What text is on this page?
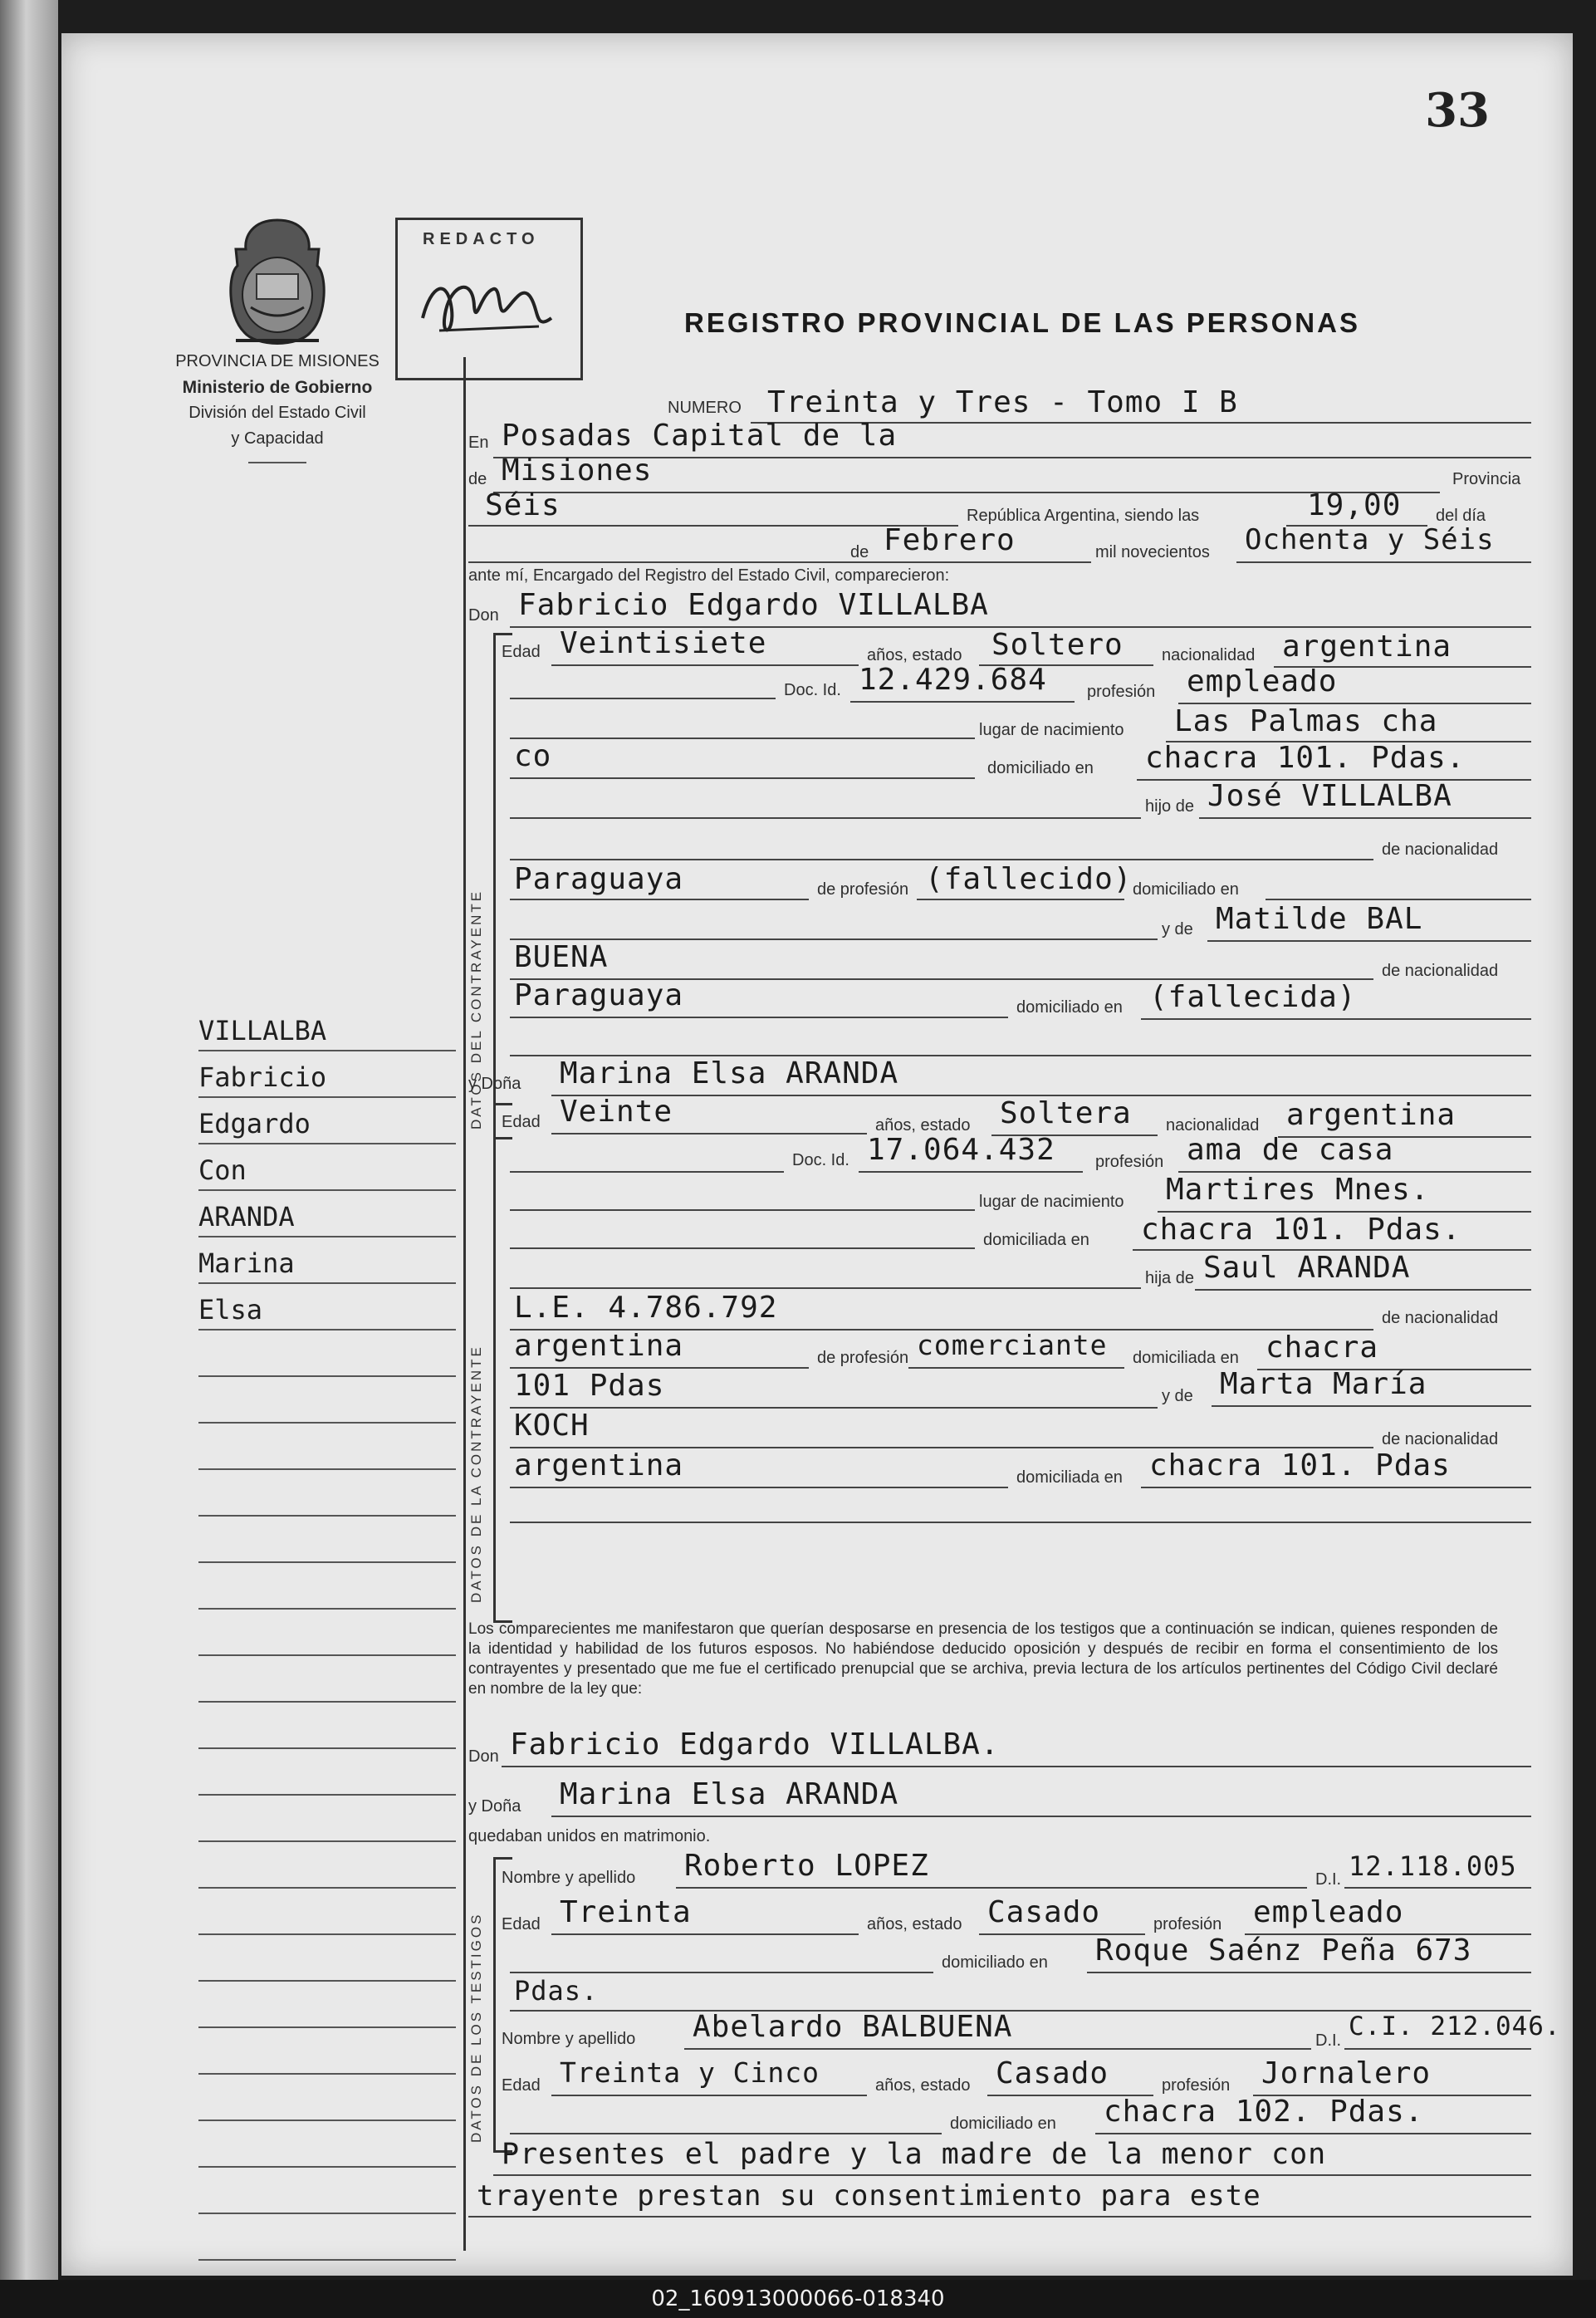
33
PROVINCIA DE MISIONES
Ministerio de Gobierno
División del Estado Civil
y Capacidad
REDACTO
REGISTRO PROVINCIAL DE LAS PERSONAS
VILLALBA
Fabricio
Edgardo
Con
ARANDA
Marina
Elsa
NUMERO Treinta y Tres - Tomo I B
En Posadas Capital de la
de Misiones	Provincia
Séis	República Argentina, siendo las	19,00 del día
de Febrero	mil novecientos Ochenta y Séis
ante mí, Encargado del Registro del Estado Civil, comparecieron:
Don Fabricio Edgardo VILLALBA
DATOS DEL CONTRAYENTE
Edad Veintisiete	años, estado Soltero nacionalidad argentina
Doc. Id. 12.429.684 profesión empleado
lugar de nacimiento Las Palmas cha
co	domiciliado en chacra 101. Pdas.
hijo de José VILLALBA
de nacionalidad
Paraguaya	de profesión (fallecido) domiciliado en
y de Matilde BAL
BUENA	de nacionalidad
Paraguaya	domiciliado en (fallecida)
y Doña Marina Elsa ARANDA
DATOS DE LA CONTRAYENTE
Edad Veinte	años, estado Soltera nacionalidad argentina
Doc. Id. 17.064.432 profesión ama de casa
lugar de nacimiento Martires Mnes.
domiciliada en chacra 101. Pdas.
hija de Saul ARANDA
L.E. 4.786.792	de nacionalidad
argentina	de profesión comerciante domiciliada en chacra
101 Pdas	y de Marta María
KOCH	de nacionalidad
argentina	domiciliada en chacra 101. Pdas
Los comparecientes me manifestaron que querían desposarse en presencia de los testigos que a continuación se indican, quienes responden de la identidad y habilidad de los futuros esposos. No habiéndose deducido oposición y después de recibir en forma el consentimiento de los contrayentes y presentado que me fue el certificado prenupcial que se archiva, previa lectura de los artículos pertinentes del Código Civil declaré en nombre de la ley que:
Don Fabricio Edgardo VILLALBA.
y Doña Marina Elsa ARANDA
quedaban unidos en matrimonio.
DATOS DE LOS TESTIGOS
Nombre y apellido Roberto LOPEZ	D.I. 12.118.005
Edad Treinta	años, estado Casado	profesión empleado
domiciliado en Roque Saénz Peña 673
Pdas.
Nombre y apellido Abelardo BALBUENA	D.I. C.I. 212.046.
Edad Treinta y Cinco	años, estado Casado	profesión Jornalero
domiciliado en chacra 102. Pdas.
Presentes el padre y la madre de la menor con
trayente prestan su consentimiento para este
02_160913000066-018340
